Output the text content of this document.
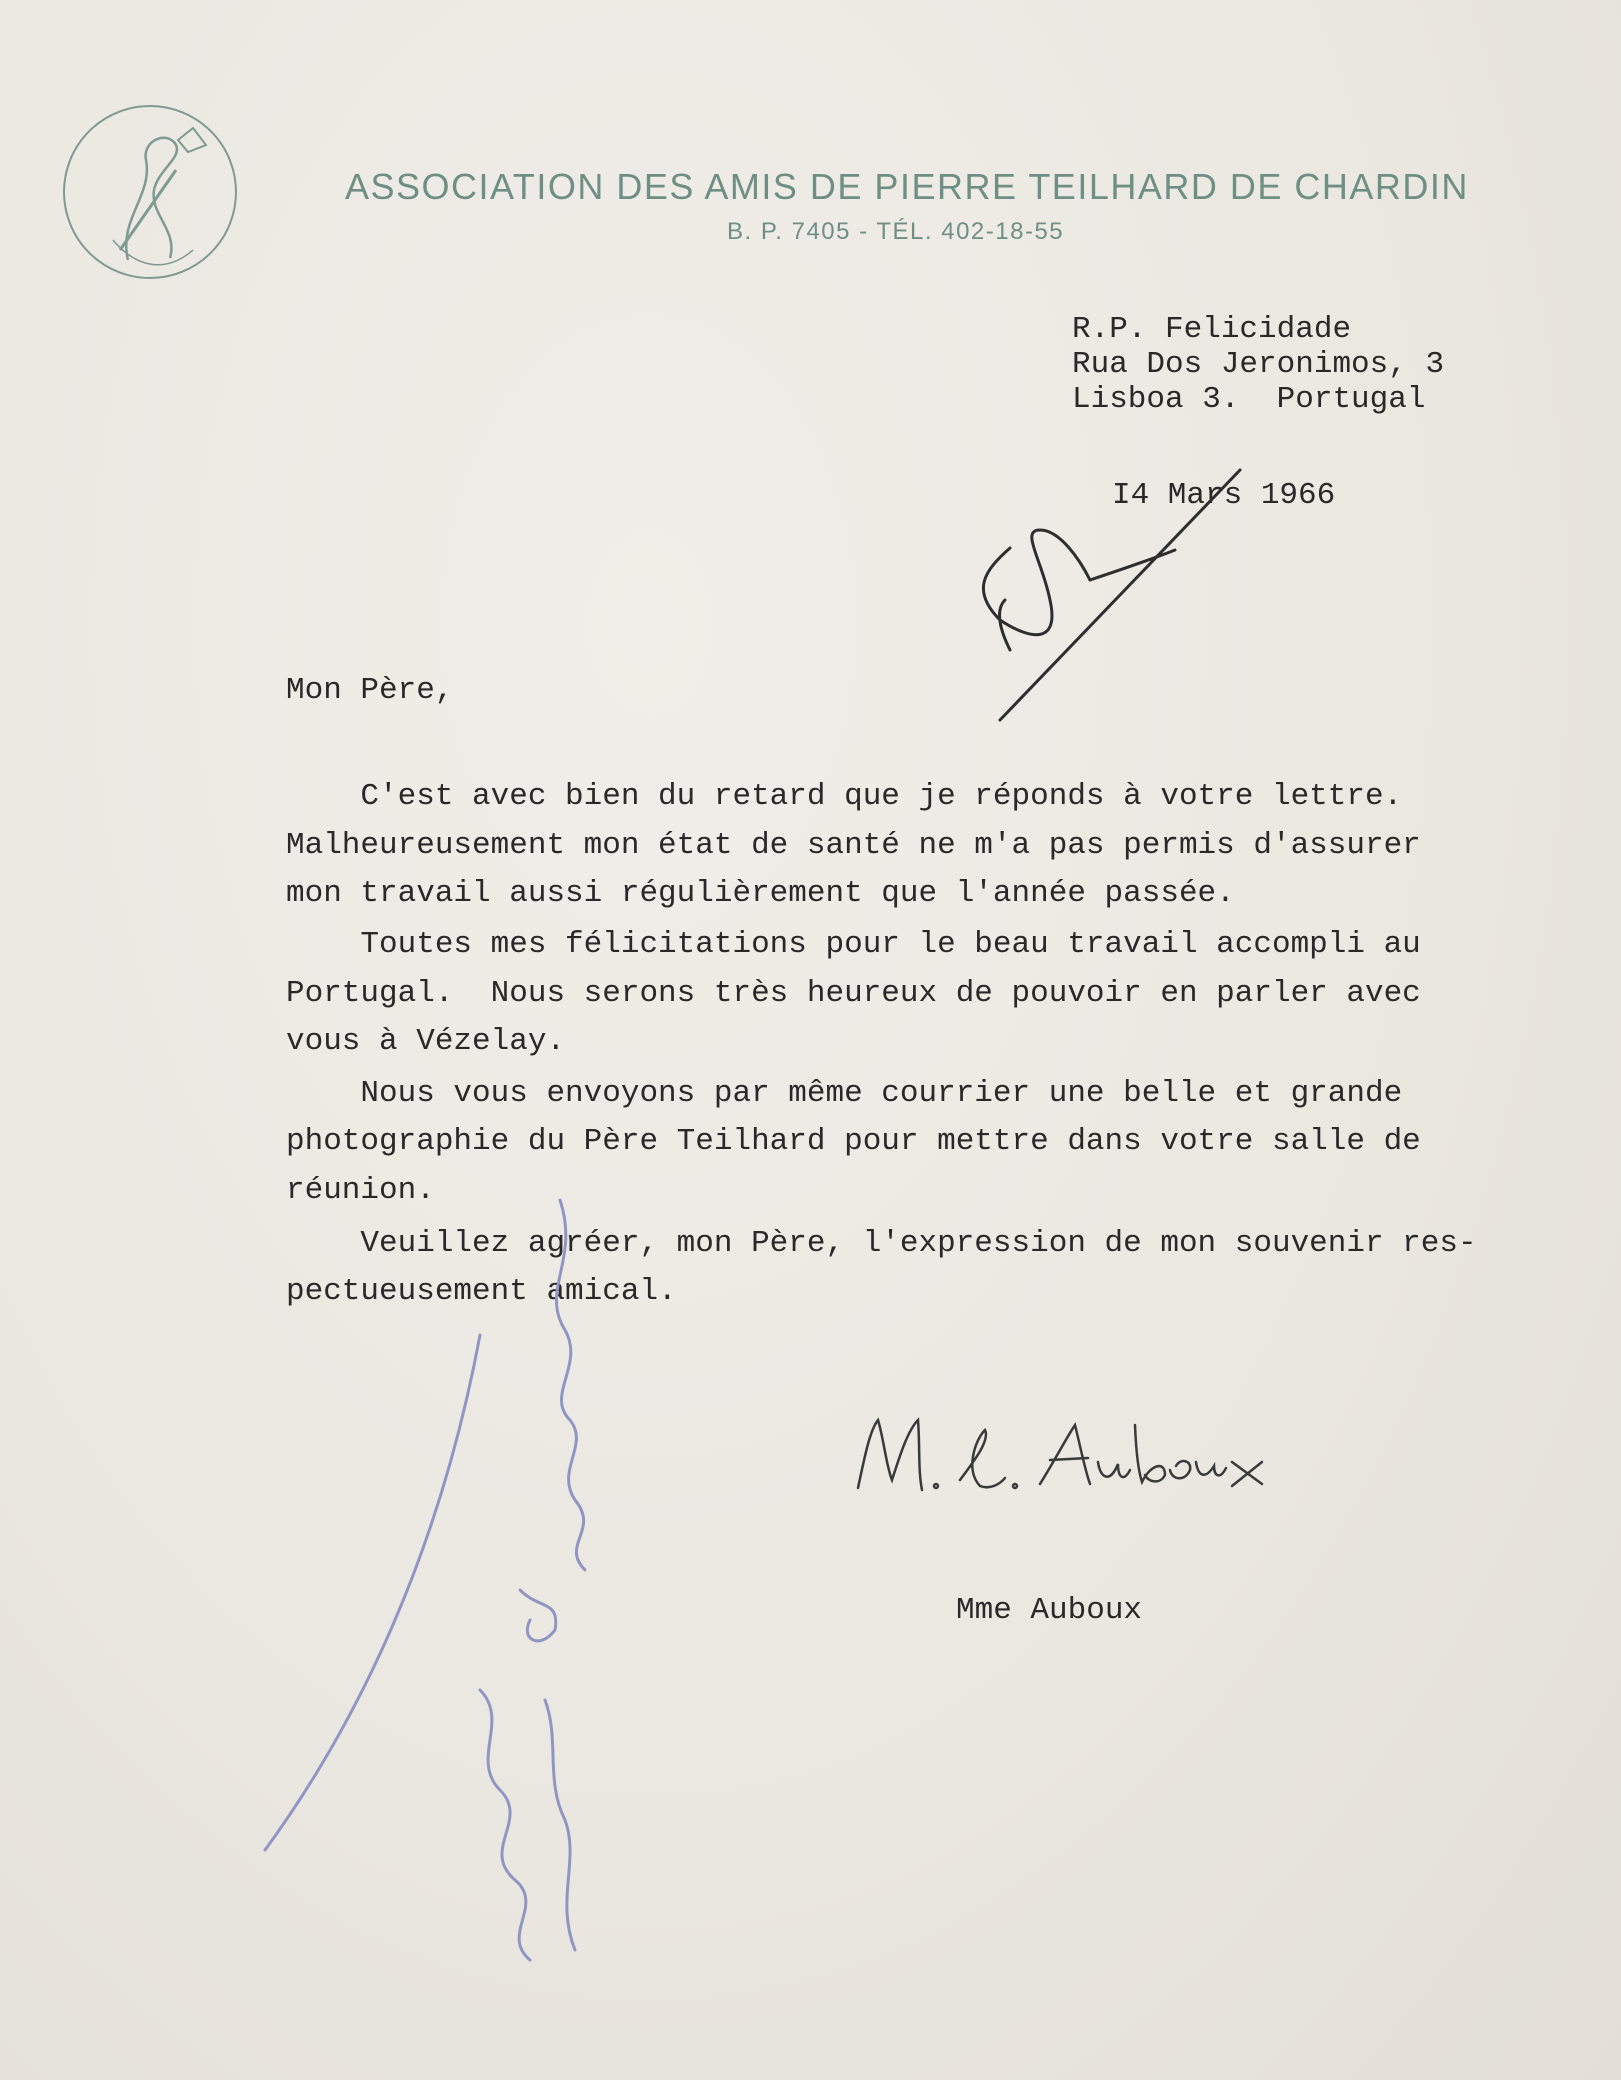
ASSOCIATION DES AMIS DE PIERRE TEILHARD DE CHARDIN
B. P. 7405 - TÉL. 402-18-55

R.P. Felicidade

Rua Dos Jeronimos, 3

Lisboa 3.  Portugal

I4 Mars 1966

Mon Père,

C'est avec bien du retard que je réponds à votre lettre.

Malheureusement mon état de santé ne m'a pas permis d'assurer

mon travail aussi régulièrement que l'année passée.

Toutes mes félicitations pour le beau travail accompli au

Portugal.  Nous serons très heureux de pouvoir en parler avec

vous à Vézelay.

Nous vous envoyons par même courrier une belle et grande

photographie du Père Teilhard pour mettre dans votre salle de

réunion.

Veuillez agréer, mon Père, l'expression de mon souvenir res-

pectueusement amical.

Mme Auboux
